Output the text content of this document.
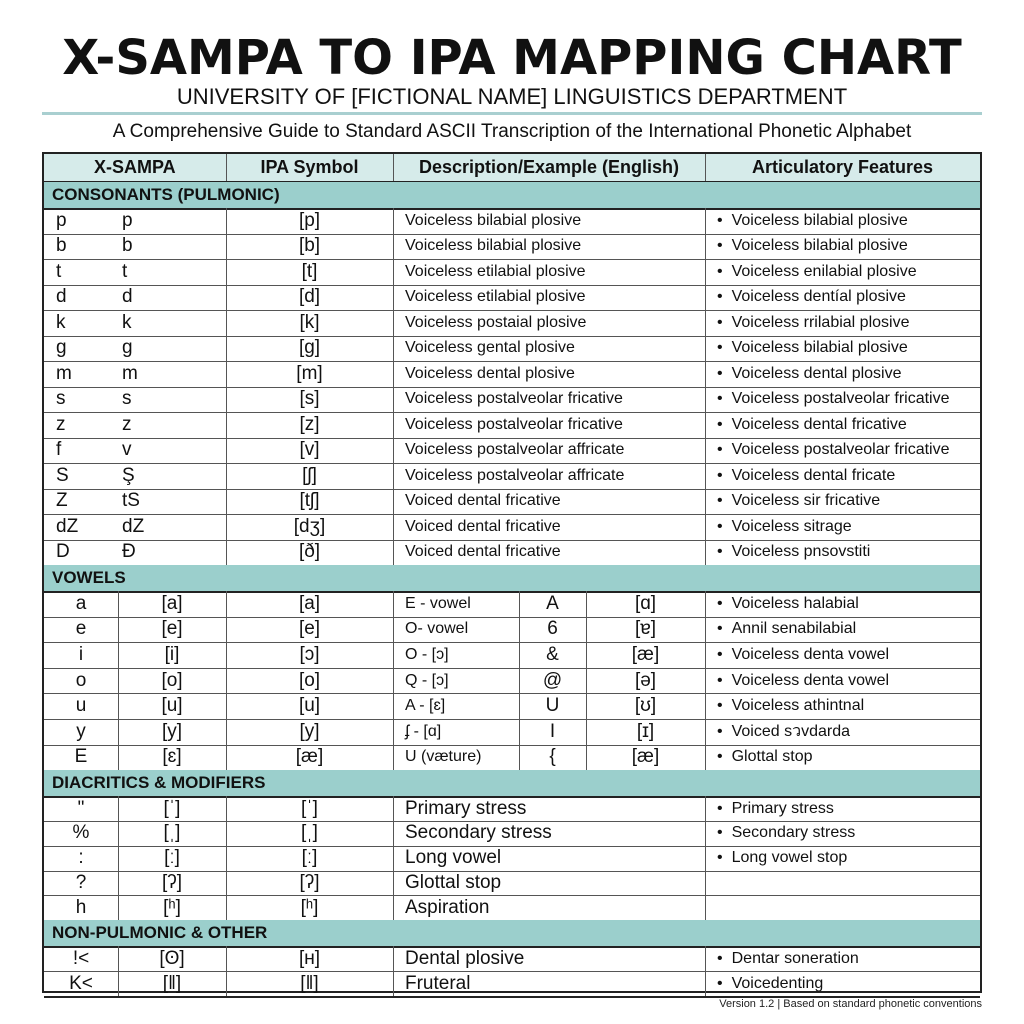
X-SAMPA TO IPA MAPPING CHART
UNIVERSITY OF [FICTIONAL NAME] LINGUISTICS DEPARTMENT
A Comprehensive Guide to Standard ASCII Transcription of the International Phonetic Alphabet
X-SAMPA	IPA Symbol	Description/Example (English)	Articulatory Features
CONSONANTS (PULMONIC)
p	p	[p]	Voiceless bilabial plosive	• Voiceless bilabial plosive
b	b	[b]	Voiceless bilabial plosive	• Voiceless bilabial plosive
t	t	[t]	Voiceless etilabial plosive	• Voiceless enilabial plosive
d	d	[d]	Voiceless etilabial plosive	• Voiceless dentíal plosive
k	k	[k]	Voiceless postaial plosive	• Voiceless rrilabial plosive
g	g	[g]	Voiceless gental plosive	• Voiceless bilabial plosive
m	m	[m]	Voiceless dental plosive	• Voiceless dental plosive
s	s	[s]	Voiceless postalveolar fricative	• Voiceless postalveolar fricative
z	z	[z]	Voiceless postalveolar fricative	• Voiceless dental fricative
f	v	[v]	Voiceless postalveolar affricate	• Voiceless postalveolar fricative
S	Ş	[ʃ]	Voiceless postalveolar affricate	• Voiceless dental fricate
Z	tS	[tʃ]	Voiced dental fricative	• Voiceless sir fricative
dZ	dZ	[dʒ]	Voiced dental fricative	• Voiceless sitrage
D	Đ	[ð]	Voiced dental fricative	• Voiceless pnsovstiti
VOWELS
a	[a]	[a]	E - vowel	A	[ɑ]	• Voiceless halabial
e	[e]	[e]	O- vowel	6	[ɐ]	• Annil senabilabial
i	[i]	[ɔ]	O - [ɔ]	&	[æ]	• Voiceless denta vowel
o	[o]	[o]	Q - [ɔ]	@	[ə]	• Voiceless denta vowel
u	[u]	[u]	A - [ɛ]	U	[ʊ]	• Voiceless athintnal
y	[y]	[y]	ʄ - [ɑ]	I	[ɪ]	• Voiced sวvdarda
E	[ɛ]	[æ]	U (væture)	{	[æ]	• Glottal stop
DIACRITICS & MODIFIERS
"	[ˈ]	[ˈ]	Primary stress	• Primary stress
%	[ˌ]	[ˌ]	Secondary stress	• Secondary stress
:	[ː]	[ː]	Long vowel	• Long vowel stop
?	[ʔ]	[ʔ]	Glottal stop
h	[ʰ]	[ʰ]	Aspiration
NON-PULMONIC & OTHER
!<	[ʘ]	[ʜ]	Dental plosive	• Dentar soneration
K<	[ǁ]	[ǁ]	Fruteral	• Voicedenting
Version 1.2 | Based on standard phonetic conventions
